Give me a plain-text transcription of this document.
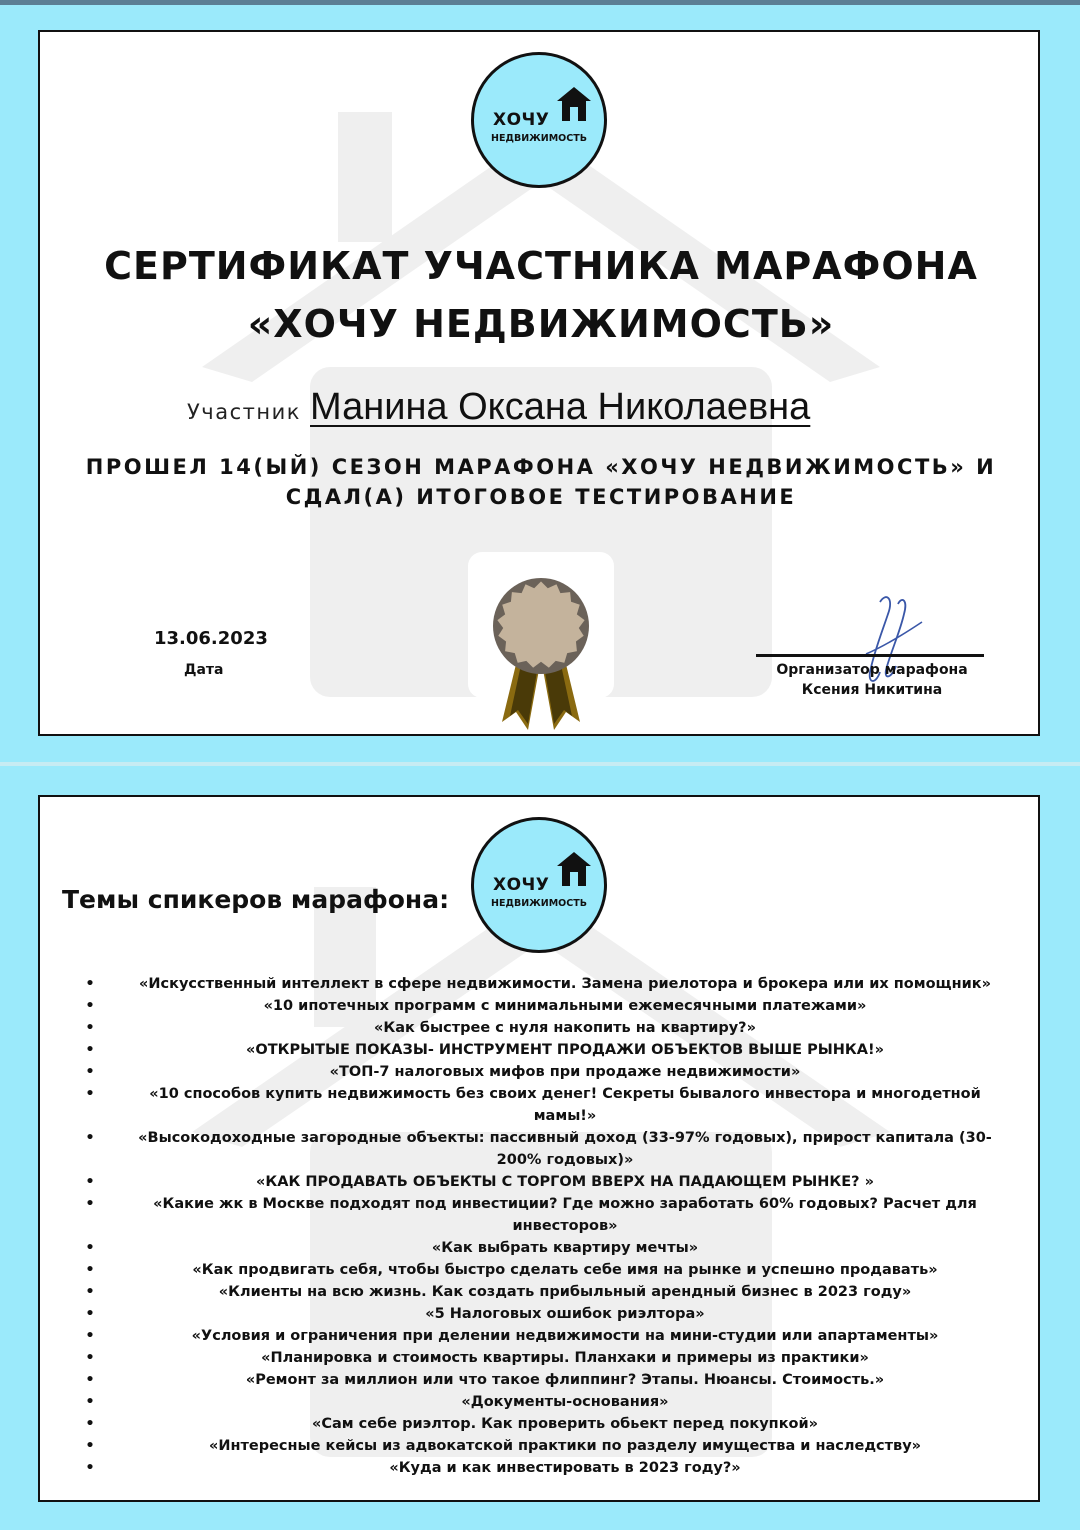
ХОЧУ
НЕДВИЖИМОСТЬ
СЕРТИФИКАТ УЧАСТНИКА МАРАФОНА
«ХОЧУ НЕДВИЖИМОСТЬ»
Участник Манина Оксана Николаевна
ПРОШЕЛ 14(ЫЙ) СЕЗОН МАРАФОНА «ХОЧУ НЕДВИЖИМОСТЬ» И
СДАЛ(А) ИТОГОВОЕ ТЕСТИРОВАНИЕ
13.06.2023
Дата	Организатор марафона
Ксения Никитина
ХОЧУ
НЕДВИЖИМОСТЬ
Темы спикеров марафона:
•	«Искусственный интеллект в сфере недвижимости. Замена риелотора и брокера или их помощник»
•	«10 ипотечных программ с минимальными ежемесячными платежами»
•	«Как быстрее с нуля накопить на квартиру?»
•	«ОТКРЫТЫЕ ПОКАЗЫ- ИНСТРУМЕНТ ПРОДАЖИ ОБЪЕКТОВ ВЫШЕ РЫНКА!»
•	«ТОП-7 налоговых мифов при продаже недвижимости»
•	«10 способов купить недвижимость без своих денег! Секреты бывалого инвестора и многодетной мамы!»
•	«Высокодоходные загородные объекты: пассивный доход (33-97% годовых), прирост капитала (30-200% годовых)»
•	«КАК ПРОДАВАТЬ ОБЪЕКТЫ С ТОРГОМ ВВЕРХ НА ПАДАЮЩЕМ РЫНКЕ? »
•	«Какие жк в Москве подходят под инвестиции? Где можно заработать 60% годовых? Расчет для инвесторов»
•	«Как выбрать квартиру мечты»
•	«Как продвигать себя, чтобы быстро сделать себе имя на рынке и успешно продавать»
•	«Клиенты на всю жизнь. Как создать прибыльный арендный бизнес в 2023 году»
•	«5 Налоговых ошибок риэлтора»
•	«Условия и ограничения при делении недвижимости на мини-студии или апартаменты»
•	«Планировка и стоимость квартиры. Планхаки и примеры из практики»
•	«Ремонт за миллион или что такое флиппинг? Этапы. Нюансы. Стоимость.»
•	«Документы-основания»
•	«Сам себе риэлтор. Как проверить обьект перед покупкой»
•	«Интересные кейсы из адвокатской практики по разделу имущества и наследству»
•	«Куда и как инвестировать в 2023 году?»
